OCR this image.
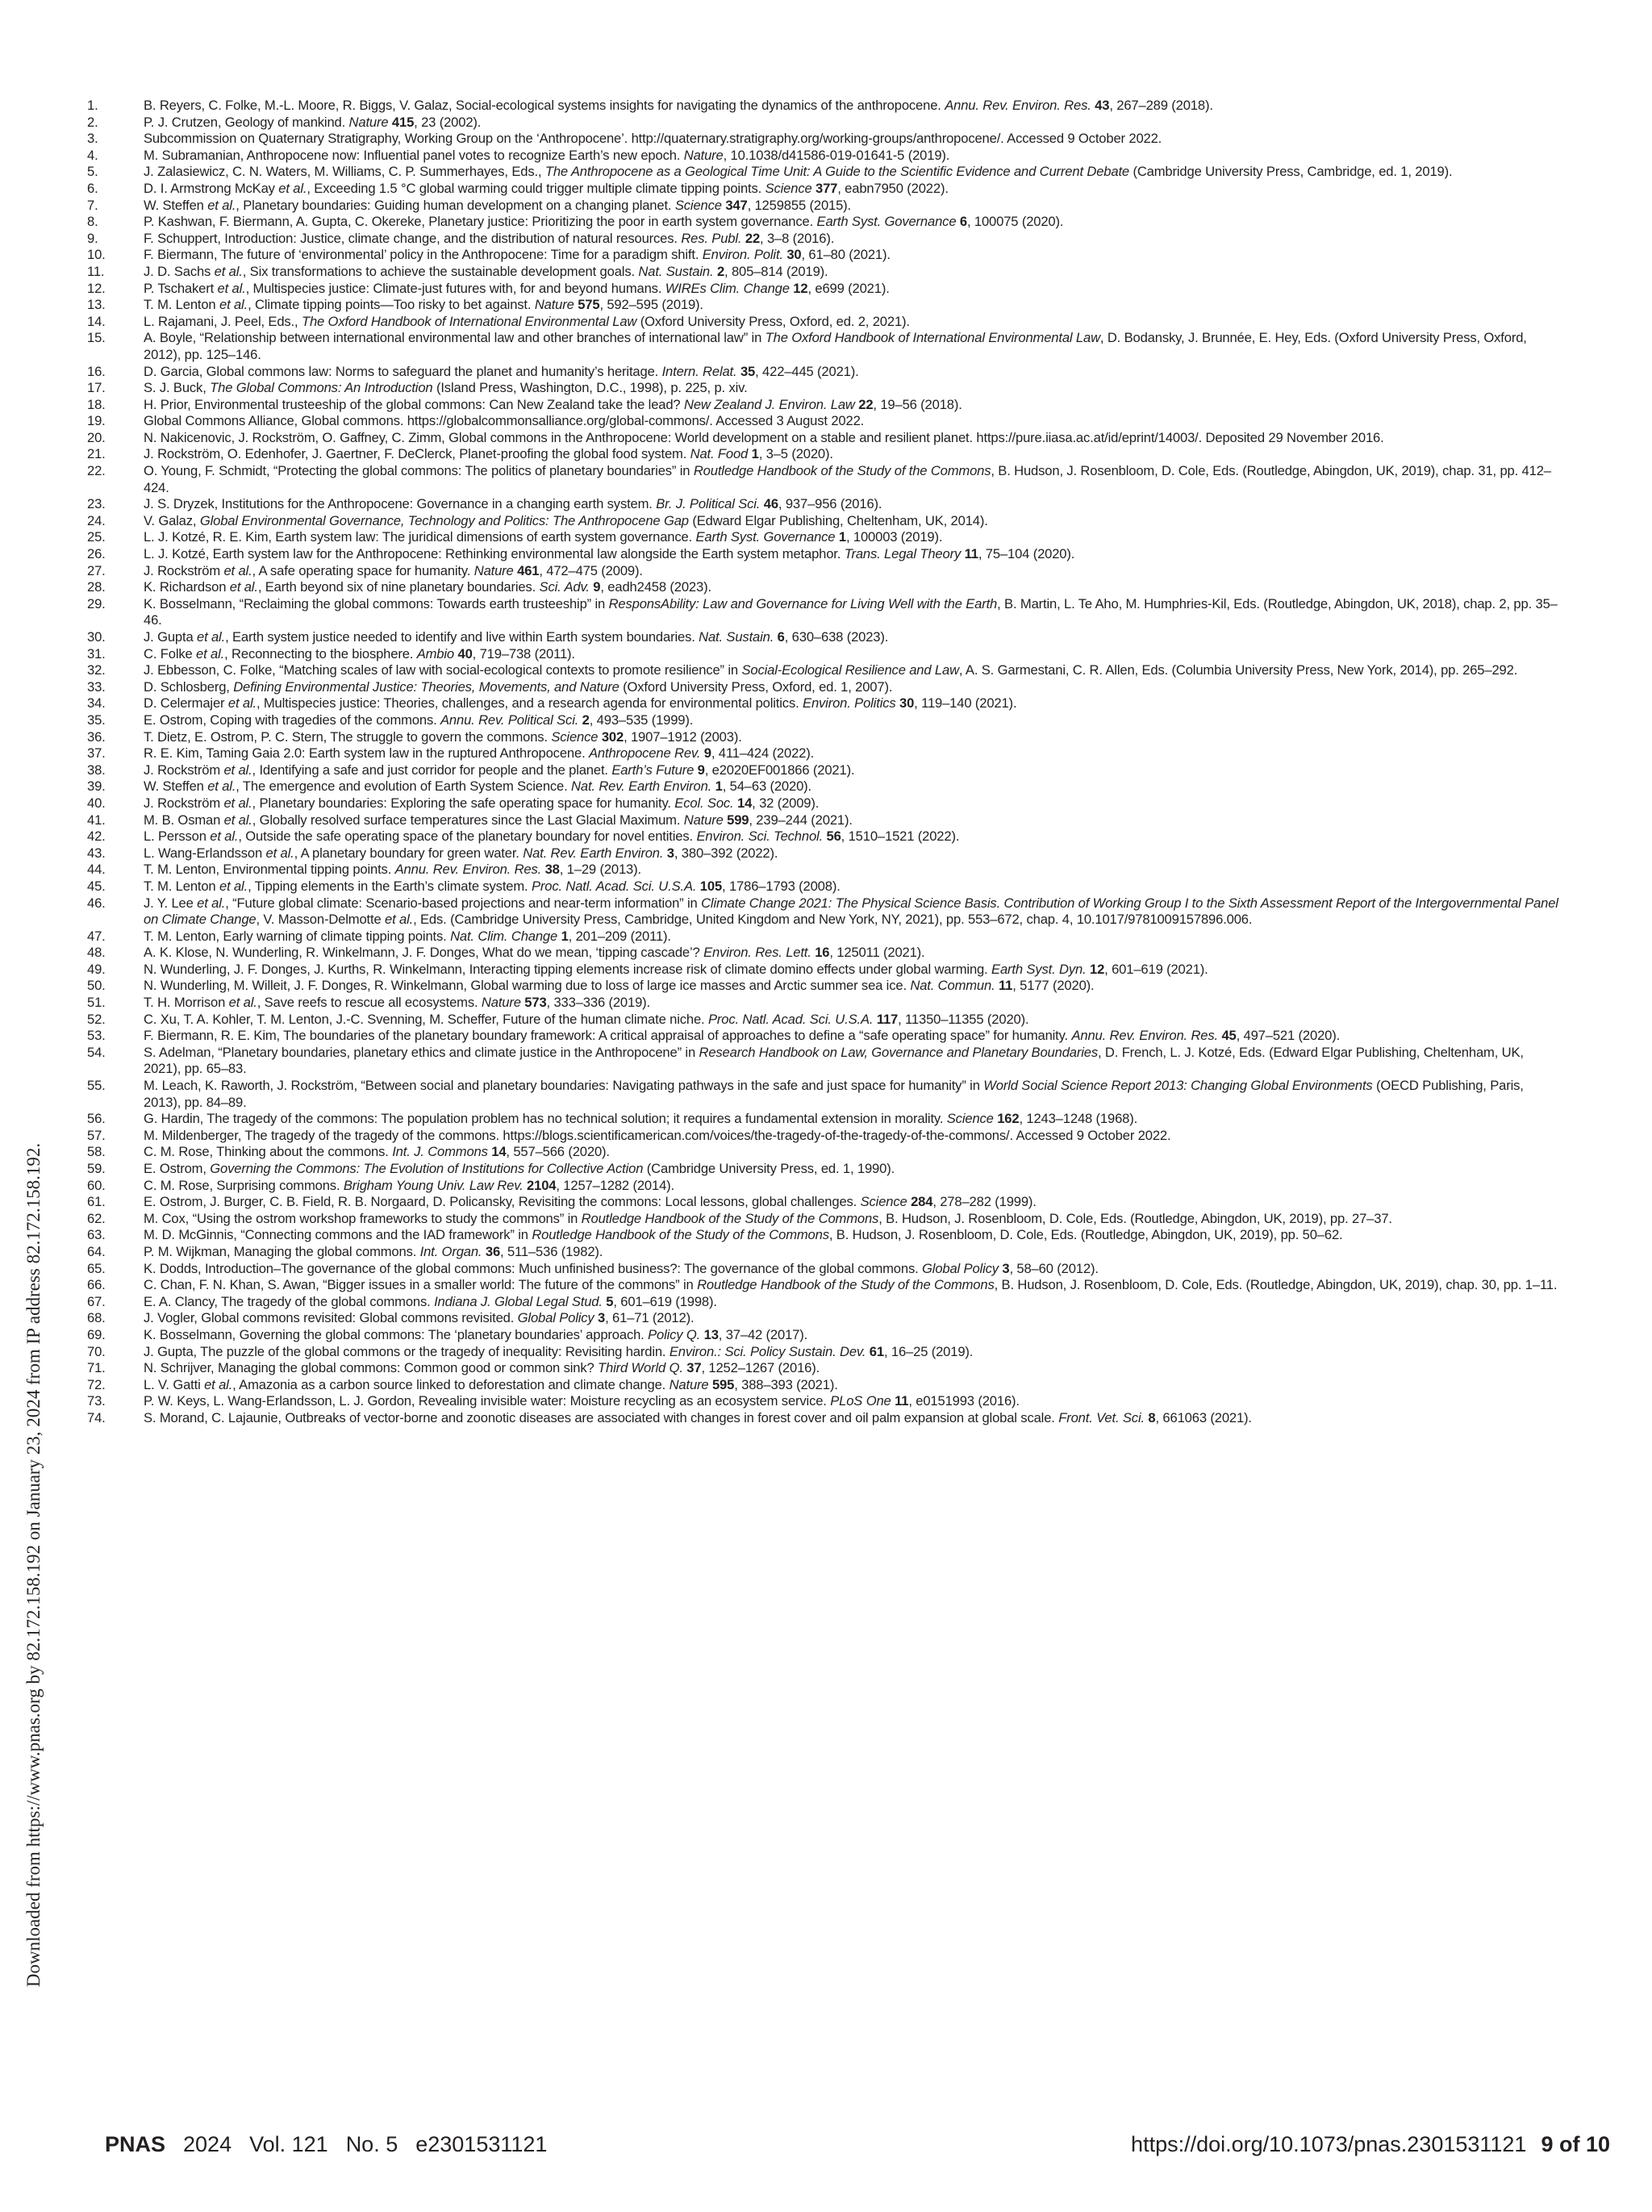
Downloaded from https://www.pnas.org by 82.172.158.192 on January 23, 2024 from IP address 82.172.158.192.
1.	B. Reyers, C. Folke, M.-L. Moore, R. Biggs, V. Galaz, Social-ecological systems insights for navigating the dynamics of the anthropocene. Annu. Rev. Environ. Res. 43, 267–289 (2018).
2.	P. J. Crutzen, Geology of mankind. Nature 415, 23 (2002).
3.	Subcommission on Quaternary Stratigraphy, Working Group on the ‘Anthropocene’. http://quaternary.stratigraphy.org/working-groups/anthropocene/. Accessed 9 October 2022.
4.	M. Subramanian, Anthropocene now: Influential panel votes to recognize Earth’s new epoch. Nature, 10.1038/d41586-019-01641-5 (2019).
5.	J. Zalasiewicz, C. N. Waters, M. Williams, C. P. Summerhayes, Eds., The Anthropocene as a Geological Time Unit: A Guide to the Scientific Evidence and Current Debate (Cambridge University Press, Cambridge, ed. 1, 2019).
6.	D. I. Armstrong McKay et al., Exceeding 1.5 °C global warming could trigger multiple climate tipping points. Science 377, eabn7950 (2022).
7.	W. Steffen et al., Planetary boundaries: Guiding human development on a changing planet. Science 347, 1259855 (2015).
8.	P. Kashwan, F. Biermann, A. Gupta, C. Okereke, Planetary justice: Prioritizing the poor in earth system governance. Earth Syst. Governance 6, 100075 (2020).
9.	F. Schuppert, Introduction: Justice, climate change, and the distribution of natural resources. Res. Publ. 22, 3–8 (2016).
10.	F. Biermann, The future of ‘environmental’ policy in the Anthropocene: Time for a paradigm shift. Environ. Polit. 30, 61–80 (2021).
11.	J. D. Sachs et al., Six transformations to achieve the sustainable development goals. Nat. Sustain. 2, 805–814 (2019).
12.	P. Tschakert et al., Multispecies justice: Climate-just futures with, for and beyond humans. WIREs Clim. Change 12, e699 (2021).
13.	T. M. Lenton et al., Climate tipping points—Too risky to bet against. Nature 575, 592–595 (2019).
14.	L. Rajamani, J. Peel, Eds., The Oxford Handbook of International Environmental Law (Oxford University Press, Oxford, ed. 2, 2021).
15.	A. Boyle, “Relationship between international environmental law and other branches of international law” in The Oxford Handbook of International Environmental Law, D. Bodansky, J. Brunnée, E. Hey, Eds. (Oxford University Press, Oxford, 2012), pp. 125–146.
16.	D. Garcia, Global commons law: Norms to safeguard the planet and humanity’s heritage. Intern. Relat. 35, 422–445 (2021).
17.	S. J. Buck, The Global Commons: An Introduction (Island Press, Washington, D.C., 1998), p. 225, p. xiv.
18.	H. Prior, Environmental trusteeship of the global commons: Can New Zealand take the lead? New Zealand J. Environ. Law 22, 19–56 (2018).
19.	Global Commons Alliance, Global commons. https://globalcommonsalliance.org/global-commons/. Accessed 3 August 2022.
20.	N. Nakicenovic, J. Rockström, O. Gaffney, C. Zimm, Global commons in the Anthropocene: World development on a stable and resilient planet. https://pure.iiasa.ac.at/id/eprint/14003/. Deposited 29 November 2016.
21.	J. Rockström, O. Edenhofer, J. Gaertner, F. DeClerck, Planet-proofing the global food system. Nat. Food 1, 3–5 (2020).
22.	O. Young, F. Schmidt, “Protecting the global commons: The politics of planetary boundaries” in Routledge Handbook of the Study of the Commons, B. Hudson, J. Rosenbloom, D. Cole, Eds. (Routledge, Abingdon, UK, 2019), chap. 31, pp. 412–424.
23.	J. S. Dryzek, Institutions for the Anthropocene: Governance in a changing earth system. Br. J. Political Sci. 46, 937–956 (2016).
24.	V. Galaz, Global Environmental Governance, Technology and Politics: The Anthropocene Gap (Edward Elgar Publishing, Cheltenham, UK, 2014).
25.	L. J. Kotzé, R. E. Kim, Earth system law: The juridical dimensions of earth system governance. Earth Syst. Governance 1, 100003 (2019).
26.	L. J. Kotzé, Earth system law for the Anthropocene: Rethinking environmental law alongside the Earth system metaphor. Trans. Legal Theory 11, 75–104 (2020).
27.	J. Rockström et al., A safe operating space for humanity. Nature 461, 472–475 (2009).
28.	K. Richardson et al., Earth beyond six of nine planetary boundaries. Sci. Adv. 9, eadh2458 (2023).
29.	K. Bosselmann, “Reclaiming the global commons: Towards earth trusteeship” in ResponsAbility: Law and Governance for Living Well with the Earth, B. Martin, L. Te Aho, M. Humphries-Kil, Eds. (Routledge, Abingdon, UK, 2018), chap. 2, pp. 35–46.
30.	J. Gupta et al., Earth system justice needed to identify and live within Earth system boundaries. Nat. Sustain. 6, 630–638 (2023).
31.	C. Folke et al., Reconnecting to the biosphere. Ambio 40, 719–738 (2011).
32.	J. Ebbesson, C. Folke, “Matching scales of law with social-ecological contexts to promote resilience” in Social-Ecological Resilience and Law, A. S. Garmestani, C. R. Allen, Eds. (Columbia University Press, New York, 2014), pp. 265–292.
33.	D. Schlosberg, Defining Environmental Justice: Theories, Movements, and Nature (Oxford University Press, Oxford, ed. 1, 2007).
34.	D. Celermajer et al., Multispecies justice: Theories, challenges, and a research agenda for environmental politics. Environ. Politics 30, 119–140 (2021).
35.	E. Ostrom, Coping with tragedies of the commons. Annu. Rev. Political Sci. 2, 493–535 (1999).
36.	T. Dietz, E. Ostrom, P. C. Stern, The struggle to govern the commons. Science 302, 1907–1912 (2003).
37.	R. E. Kim, Taming Gaia 2.0: Earth system law in the ruptured Anthropocene. Anthropocene Rev. 9, 411–424 (2022).
38.	J. Rockström et al., Identifying a safe and just corridor for people and the planet. Earth’s Future 9, e2020EF001866 (2021).
39.	W. Steffen et al., The emergence and evolution of Earth System Science. Nat. Rev. Earth Environ. 1, 54–63 (2020).
40.	J. Rockström et al., Planetary boundaries: Exploring the safe operating space for humanity. Ecol. Soc. 14, 32 (2009).
41.	M. B. Osman et al., Globally resolved surface temperatures since the Last Glacial Maximum. Nature 599, 239–244 (2021).
42.	L. Persson et al., Outside the safe operating space of the planetary boundary for novel entities. Environ. Sci. Technol. 56, 1510–1521 (2022).
43.	L. Wang-Erlandsson et al., A planetary boundary for green water. Nat. Rev. Earth Environ. 3, 380–392 (2022).
44.	T. M. Lenton, Environmental tipping points. Annu. Rev. Environ. Res. 38, 1–29 (2013).
45.	T. M. Lenton et al., Tipping elements in the Earth’s climate system. Proc. Natl. Acad. Sci. U.S.A. 105, 1786–1793 (2008).
46.	J. Y. Lee et al., “Future global climate: Scenario-based projections and near-term information” in Climate Change 2021: The Physical Science Basis. Contribution of Working Group I to the Sixth Assessment Report of the Intergovernmental Panel on Climate Change, V. Masson-Delmotte et al., Eds. (Cambridge University Press, Cambridge, United Kingdom and New York, NY, 2021), pp. 553–672, chap. 4, 10.1017/9781009157896.006.
47.	T. M. Lenton, Early warning of climate tipping points. Nat. Clim. Change 1, 201–209 (2011).
48.	A. K. Klose, N. Wunderling, R. Winkelmann, J. F. Donges, What do we mean, ‘tipping cascade’? Environ. Res. Lett. 16, 125011 (2021).
49.	N. Wunderling, J. F. Donges, J. Kurths, R. Winkelmann, Interacting tipping elements increase risk of climate domino effects under global warming. Earth Syst. Dyn. 12, 601–619 (2021).
50.	N. Wunderling, M. Willeit, J. F. Donges, R. Winkelmann, Global warming due to loss of large ice masses and Arctic summer sea ice. Nat. Commun. 11, 5177 (2020).
51.	T. H. Morrison et al., Save reefs to rescue all ecosystems. Nature 573, 333–336 (2019).
52.	C. Xu, T. A. Kohler, T. M. Lenton, J.-C. Svenning, M. Scheffer, Future of the human climate niche. Proc. Natl. Acad. Sci. U.S.A. 117, 11350–11355 (2020).
53.	F. Biermann, R. E. Kim, The boundaries of the planetary boundary framework: A critical appraisal of approaches to define a “safe operating space” for humanity. Annu. Rev. Environ. Res. 45, 497–521 (2020).
54.	S. Adelman, “Planetary boundaries, planetary ethics and climate justice in the Anthropocene” in Research Handbook on Law, Governance and Planetary Boundaries, D. French, L. J. Kotzé, Eds. (Edward Elgar Publishing, Cheltenham, UK, 2021), pp. 65–83.
55.	M. Leach, K. Raworth, J. Rockström, “Between social and planetary boundaries: Navigating pathways in the safe and just space for humanity” in World Social Science Report 2013: Changing Global Environments (OECD Publishing, Paris, 2013), pp. 84–89.
56.	G. Hardin, The tragedy of the commons: The population problem has no technical solution; it requires a fundamental extension in morality. Science 162, 1243–1248 (1968).
57.	M. Mildenberger, The tragedy of the tragedy of the commons. https://blogs.scientificamerican.com/voices/the-tragedy-of-the-tragedy-of-the-commons/. Accessed 9 October 2022.
58.	C. M. Rose, Thinking about the commons. Int. J. Commons 14, 557–566 (2020).
59.	E. Ostrom, Governing the Commons: The Evolution of Institutions for Collective Action (Cambridge University Press, ed. 1, 1990).
60.	C. M. Rose, Surprising commons. Brigham Young Univ. Law Rev. 2104, 1257–1282 (2014).
61.	E. Ostrom, J. Burger, C. B. Field, R. B. Norgaard, D. Policansky, Revisiting the commons: Local lessons, global challenges. Science 284, 278–282 (1999).
62.	M. Cox, “Using the ostrom workshop frameworks to study the commons” in Routledge Handbook of the Study of the Commons, B. Hudson, J. Rosenbloom, D. Cole, Eds. (Routledge, Abingdon, UK, 2019), pp. 27–37.
63.	M. D. McGinnis, “Connecting commons and the IAD framework” in Routledge Handbook of the Study of the Commons, B. Hudson, J. Rosenbloom, D. Cole, Eds. (Routledge, Abingdon, UK, 2019), pp. 50–62.
64.	P. M. Wijkman, Managing the global commons. Int. Organ. 36, 511–536 (1982).
65.	K. Dodds, Introduction–The governance of the global commons: Much unfinished business?: The governance of the global commons. Global Policy 3, 58–60 (2012).
66.	C. Chan, F. N. Khan, S. Awan, “Bigger issues in a smaller world: The future of the commons” in Routledge Handbook of the Study of the Commons, B. Hudson, J. Rosenbloom, D. Cole, Eds. (Routledge, Abingdon, UK, 2019), chap. 30, pp. 1–11.
67.	E. A. Clancy, The tragedy of the global commons. Indiana J. Global Legal Stud. 5, 601–619 (1998).
68.	J. Vogler, Global commons revisited: Global commons revisited. Global Policy 3, 61–71 (2012).
69.	K. Bosselmann, Governing the global commons: The ‘planetary boundaries’ approach. Policy Q. 13, 37–42 (2017).
70.	J. Gupta, The puzzle of the global commons or the tragedy of inequality: Revisiting hardin. Environ.: Sci. Policy Sustain. Dev. 61, 16–25 (2019).
71.	N. Schrijver, Managing the global commons: Common good or common sink? Third World Q. 37, 1252–1267 (2016).
72.	L. V. Gatti et al., Amazonia as a carbon source linked to deforestation and climate change. Nature 595, 388–393 (2021).
73.	P. W. Keys, L. Wang-Erlandsson, L. J. Gordon, Revealing invisible water: Moisture recycling as an ecosystem service. PLoS One 11, e0151993 (2016).
74.	S. Morand, C. Lajaunie, Outbreaks of vector-borne and zoonotic diseases are associated with changes in forest cover and oil palm expansion at global scale. Front. Vet. Sci. 8, 661063 (2021).
PNAS 2024 Vol. 121 No. 5 e2301531121	https://doi.org/10.1073/pnas.2301531121 9 of 10
